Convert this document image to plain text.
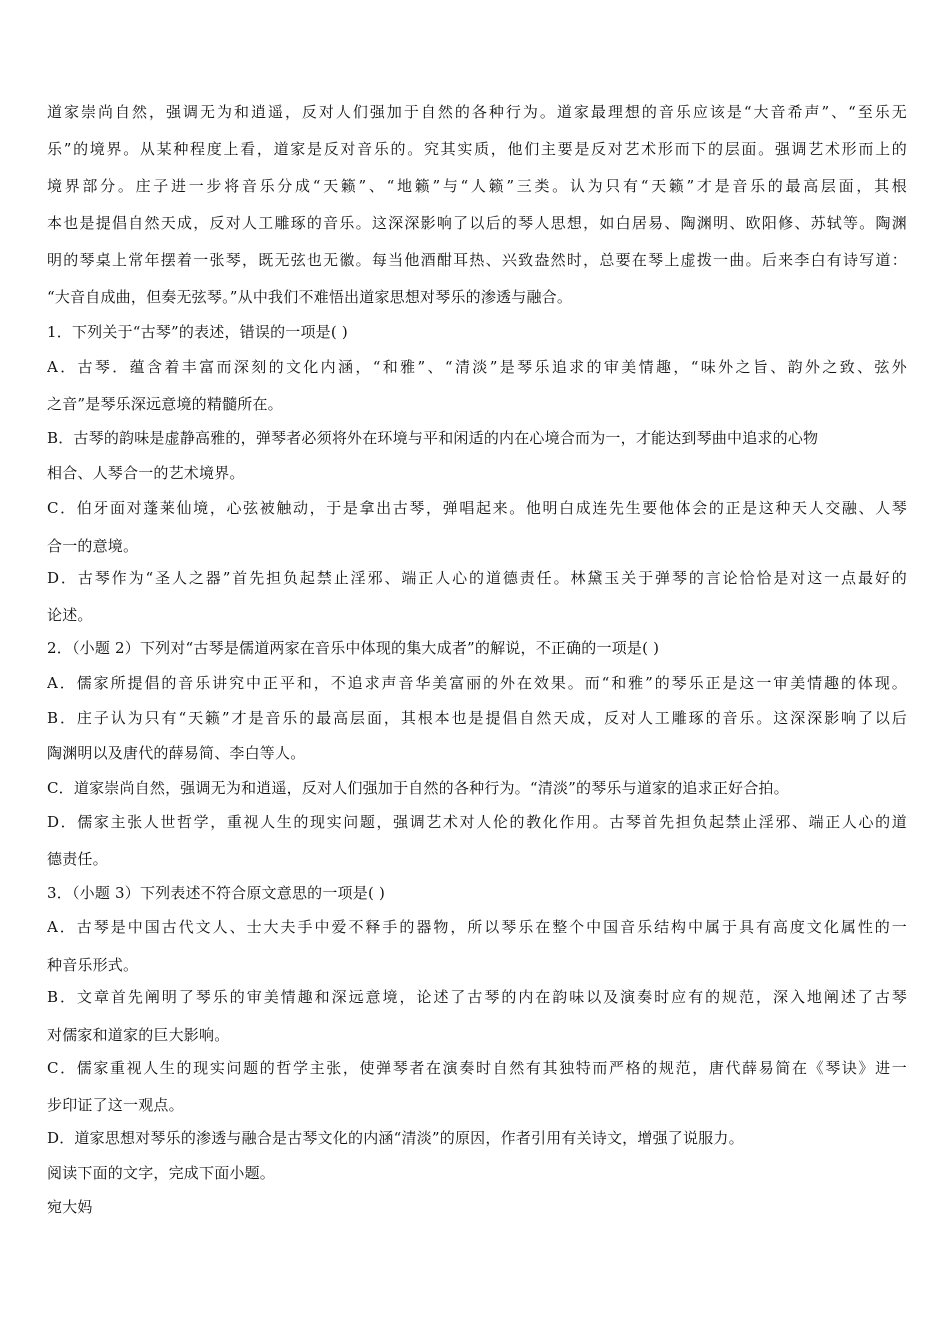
道家崇尚自然，强调无为和逍遥，反对人们强加于自然的各种行为。道家最理想的音乐应该是“大音希声”、“至乐无
乐”的境界。从某种程度上看，道家是反对音乐的。究其实质，他们主要是反对艺术形而下的层面。强调艺术形而上的
境界部分。庄子进一步将音乐分成“天籁”、“地籁”与“人籁”三类。认为只有“天籁”才是音乐的最高层面，其根
本也是提倡自然天成，反对人工雕琢的音乐。这深深影响了以后的琴人思想，如白居易、陶渊明、欧阳修、苏轼等。陶渊
明的琴桌上常年摆着一张琴，既无弦也无徽。每当他酒酣耳热、兴致盎然时，总要在琴上虚拨一曲。后来李白有诗写道：
“大音自成曲，但奏无弦琴。”从中我们不难悟出道家思想对琴乐的渗透与融合。
1．下列关于“古琴”的表述，错误的一项是( )
A．古琴．蕴含着丰富而深刻的文化内涵，“和雅”、“清淡”是琴乐追求的审美情趣，“味外之旨、韵外之致、弦外
之音”是琴乐深远意境的精髓所在。
B．古琴的韵味是虚静高雅的，弹琴者必须将外在环境与平和闲适的内在心境合而为一，才能达到琴曲中追求的心物
相合、人琴合一的艺术境界。
C．伯牙面对蓬莱仙境，心弦被触动，于是拿出古琴，弹唱起来。他明白成连先生要他体会的正是这种天人交融、人琴
合一的意境。
D．古琴作为“圣人之器”首先担负起禁止淫邪、端正人心的道德责任。林黛玉关于弹琴的言论恰恰是对这一点最好的
论述。
2．（小题 2）下列对“古琴是儒道两家在音乐中体现的集大成者”的解说，不正确的一项是( )
A．儒家所提倡的音乐讲究中正平和，不追求声音华美富丽的外在效果。而“和雅”的琴乐正是这一审美情趣的体现。
B．庄子认为只有“天籁”才是音乐的最高层面，其根本也是提倡自然天成，反对人工雕琢的音乐。这深深影响了以后
陶渊明以及唐代的薛易简、李白等人。
C．道家崇尚自然，强调无为和逍遥，反对人们强加于自然的各种行为。“清淡”的琴乐与道家的追求正好合拍。
D．儒家主张人世哲学，重视人生的现实问题，强调艺术对人伦的教化作用。古琴首先担负起禁止淫邪、端正人心的道
德责任。
3．（小题 3）下列表述不符合原文意思的一项是( )
A．古琴是中国古代文人、士大夫手中爱不释手的器物，所以琴乐在整个中国音乐结构中属于具有高度文化属性的一
种音乐形式。
B．文章首先阐明了琴乐的审美情趣和深远意境，论述了古琴的内在韵味以及演奏时应有的规范，深入地阐述了古琴
对儒家和道家的巨大影响。
C．儒家重视人生的现实问题的哲学主张，使弹琴者在演奏时自然有其独特而严格的规范，唐代薛易简在《琴诀》进一
步印证了这一观点。
D．道家思想对琴乐的渗透与融合是古琴文化的内涵“清淡”的原因，作者引用有关诗文，增强了说服力。
阅读下面的文字，完成下面小题。
宛大妈
